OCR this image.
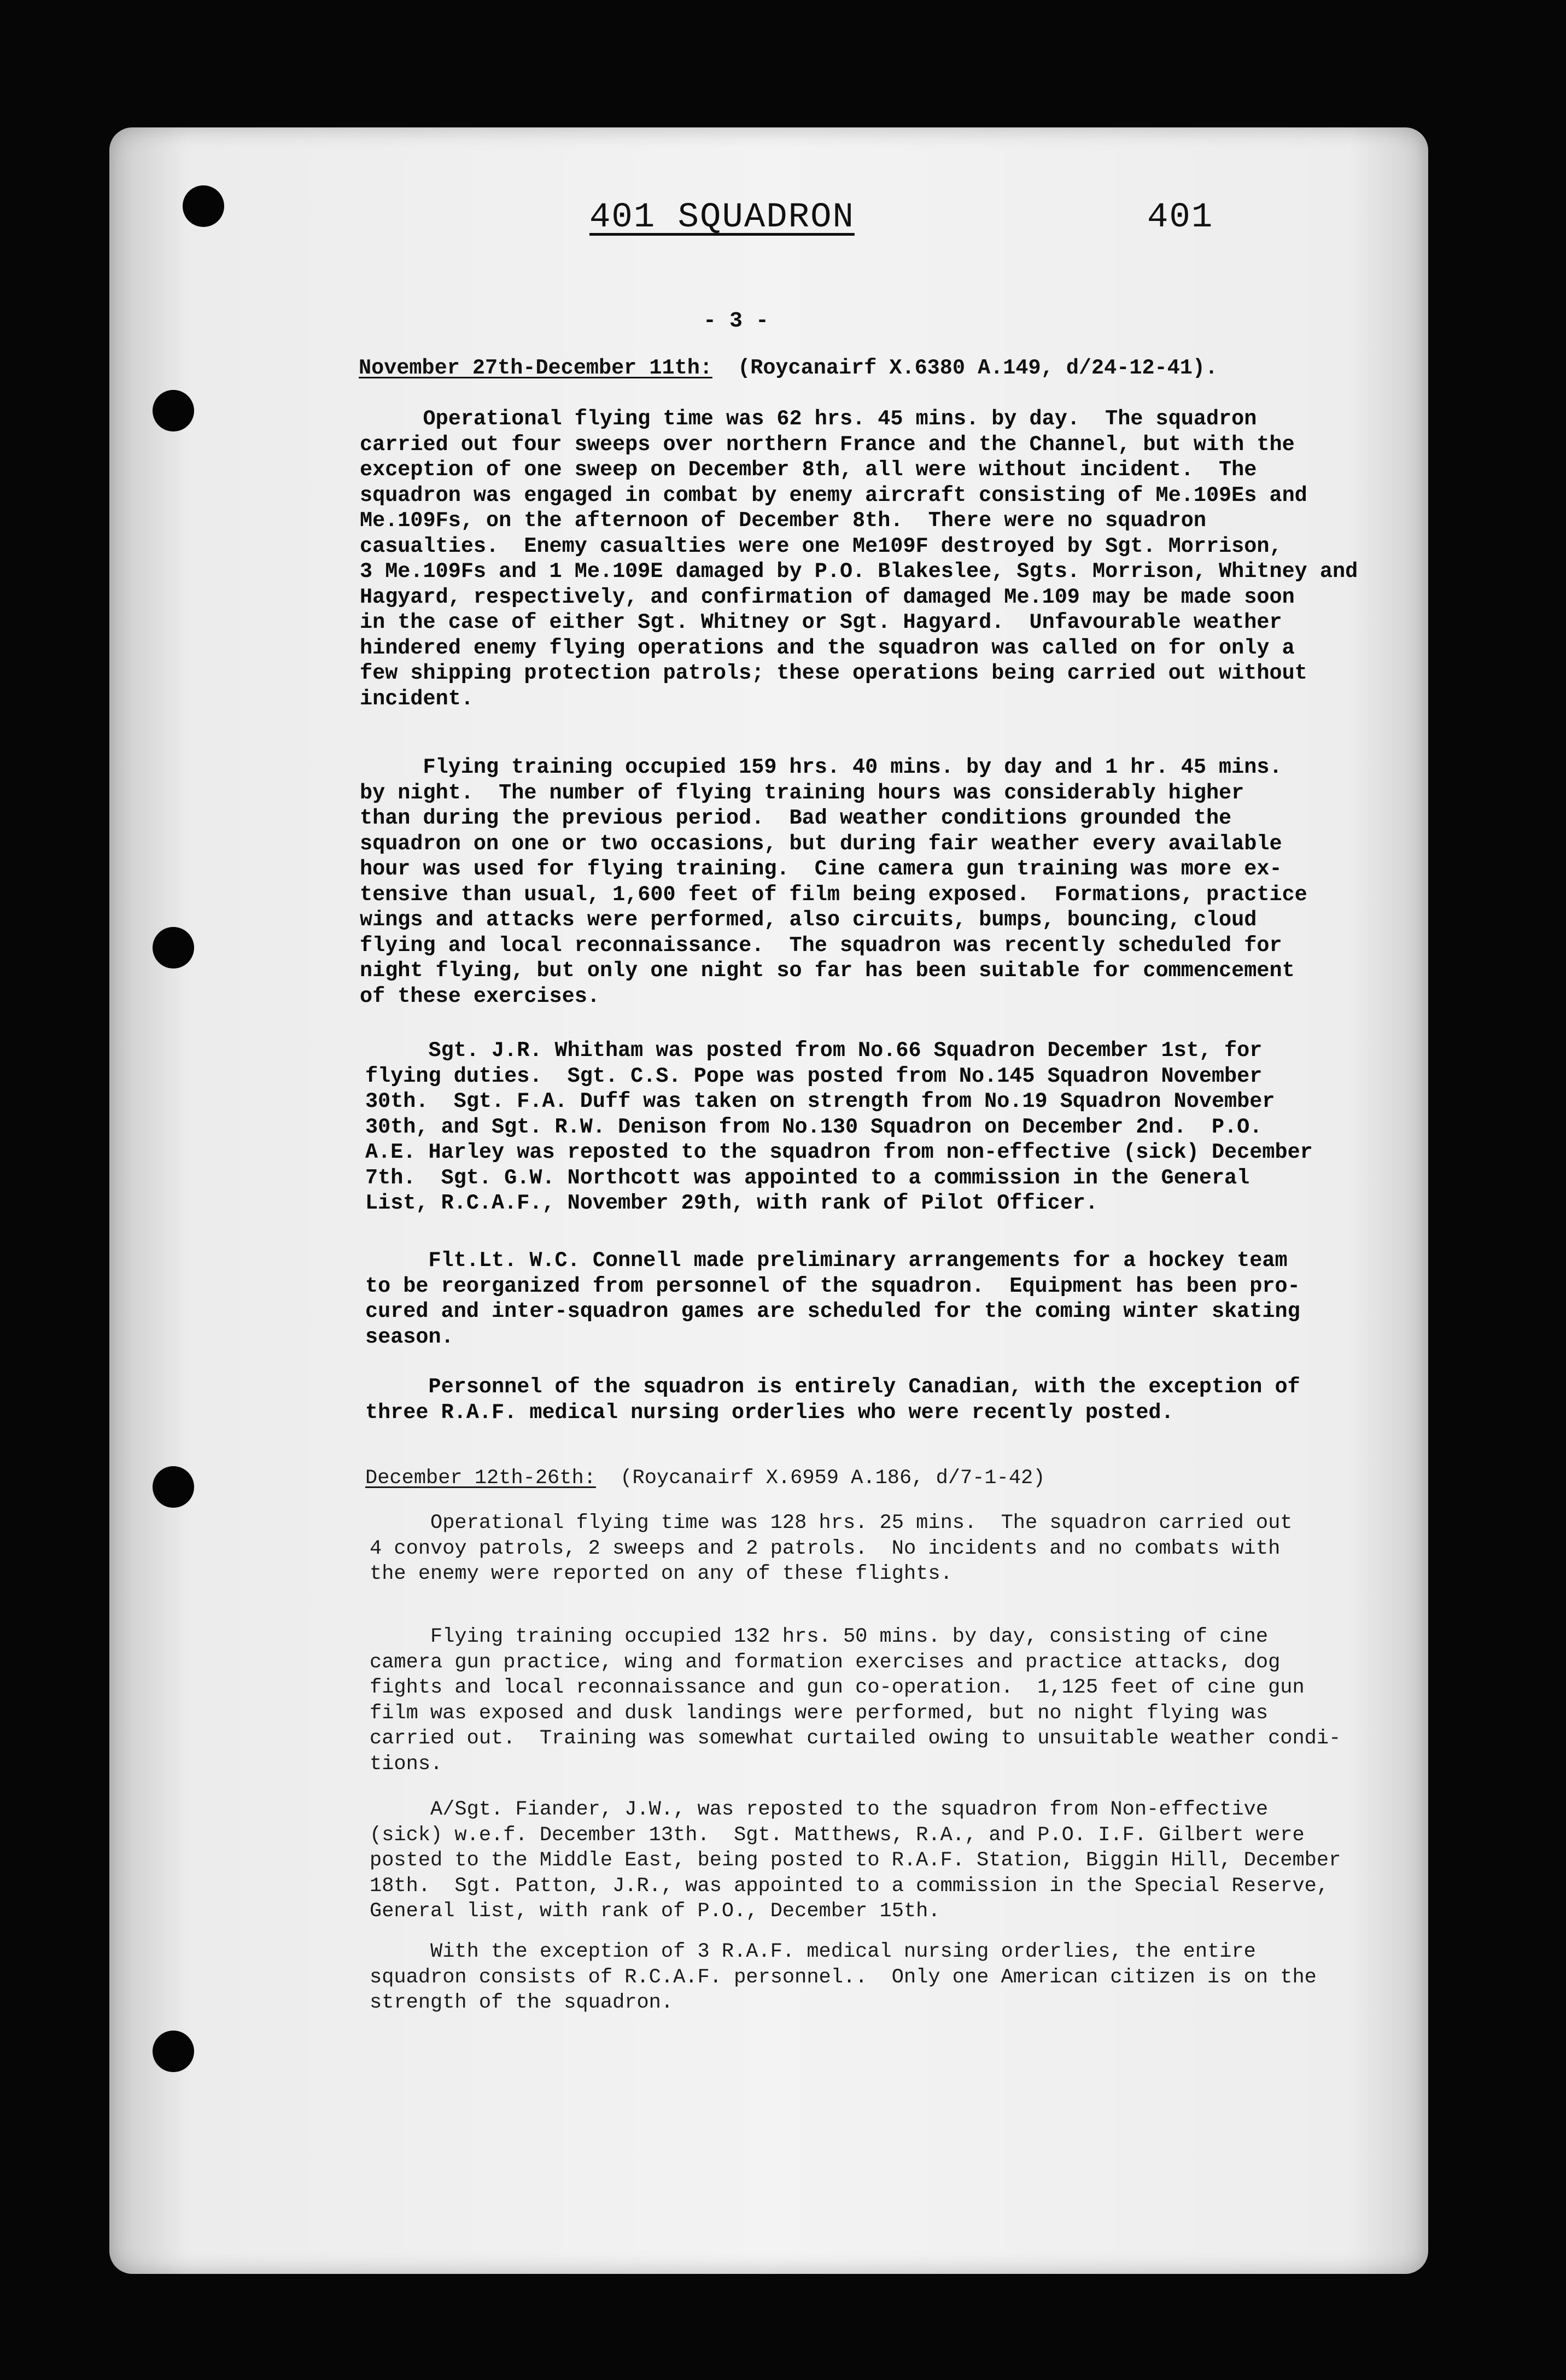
401 SQUADRON	401
- 3 -
November 27th-December 11th: (Roycanairf X.6380 A.149, d/24-12-41).
Operational flying time was 62 hrs. 45 mins. by day.  The squadron
carried out four sweeps over northern France and the Channel, but with the
exception of one sweep on December 8th, all were without incident.  The
squadron was engaged in combat by enemy aircraft consisting of Me.109Es and
Me.109Fs, on the afternoon of December 8th.  There were no squadron
casualties.  Enemy casualties were one Me109F destroyed by Sgt. Morrison,
3 Me.109Fs and 1 Me.109E damaged by P.O. Blakeslee, Sgts. Morrison, Whitney and
Hagyard, respectively, and confirmation of damaged Me.109 may be made soon
in the case of either Sgt. Whitney or Sgt. Hagyard.  Unfavourable weather
hindered enemy flying operations and the squadron was called on for only a
few shipping protection patrols; these operations being carried out without
incident.
Flying training occupied 159 hrs. 40 mins. by day and 1 hr. 45 mins.
by night.  The number of flying training hours was considerably higher
than during the previous period.  Bad weather conditions grounded the
squadron on one or two occasions, but during fair weather every available
hour was used for flying training.  Cine camera gun training was more ex-
tensive than usual, 1,600 feet of film being exposed.  Formations, practice
wings and attacks were performed, also circuits, bumps, bouncing, cloud
flying and local reconnaissance.  The squadron was recently scheduled for
night flying, but only one night so far has been suitable for commencement
of these exercises.
Sgt. J.R. Whitham was posted from No.66 Squadron December 1st, for
flying duties.  Sgt. C.S. Pope was posted from No.145 Squadron November
30th.  Sgt. F.A. Duff was taken on strength from No.19 Squadron November
30th, and Sgt. R.W. Denison from No.130 Squadron on December 2nd.  P.O.
A.E. Harley was reposted to the squadron from non-effective (sick) December
7th.  Sgt. G.W. Northcott was appointed to a commission in the General
List, R.C.A.F., November 29th, with rank of Pilot Officer.
Flt.Lt. W.C. Connell made preliminary arrangements for a hockey team
to be reorganized from personnel of the squadron.  Equipment has been pro-
cured and inter-squadron games are scheduled for the coming winter skating
season.
Personnel of the squadron is entirely Canadian, with the exception of
three R.A.F. medical nursing orderlies who were recently posted.
December 12th-26th: (Roycanairf X.6959 A.186, d/7-1-42)
Operational flying time was 128 hrs. 25 mins.  The squadron carried out
4 convoy patrols, 2 sweeps and 2 patrols.  No incidents and no combats with
the enemy were reported on any of these flights.
Flying training occupied 132 hrs. 50 mins. by day, consisting of cine
camera gun practice, wing and formation exercises and practice attacks, dog
fights and local reconnaissance and gun co-operation.  1,125 feet of cine gun
film was exposed and dusk landings were performed, but no night flying was
carried out.  Training was somewhat curtailed owing to unsuitable weather condi-
tions.
A/Sgt. Fiander, J.W., was reposted to the squadron from Non-effective
(sick) w.e.f. December 13th.  Sgt. Matthews, R.A., and P.O. I.F. Gilbert were
posted to the Middle East, being posted to R.A.F. Station, Biggin Hill, December
18th.  Sgt. Patton, J.R., was appointed to a commission in the Special Reserve,
General list, with rank of P.O., December 15th.
With the exception of 3 R.A.F. medical nursing orderlies, the entire
squadron consists of R.C.A.F. personnel..  Only one American citizen is on the
strength of the squadron.
